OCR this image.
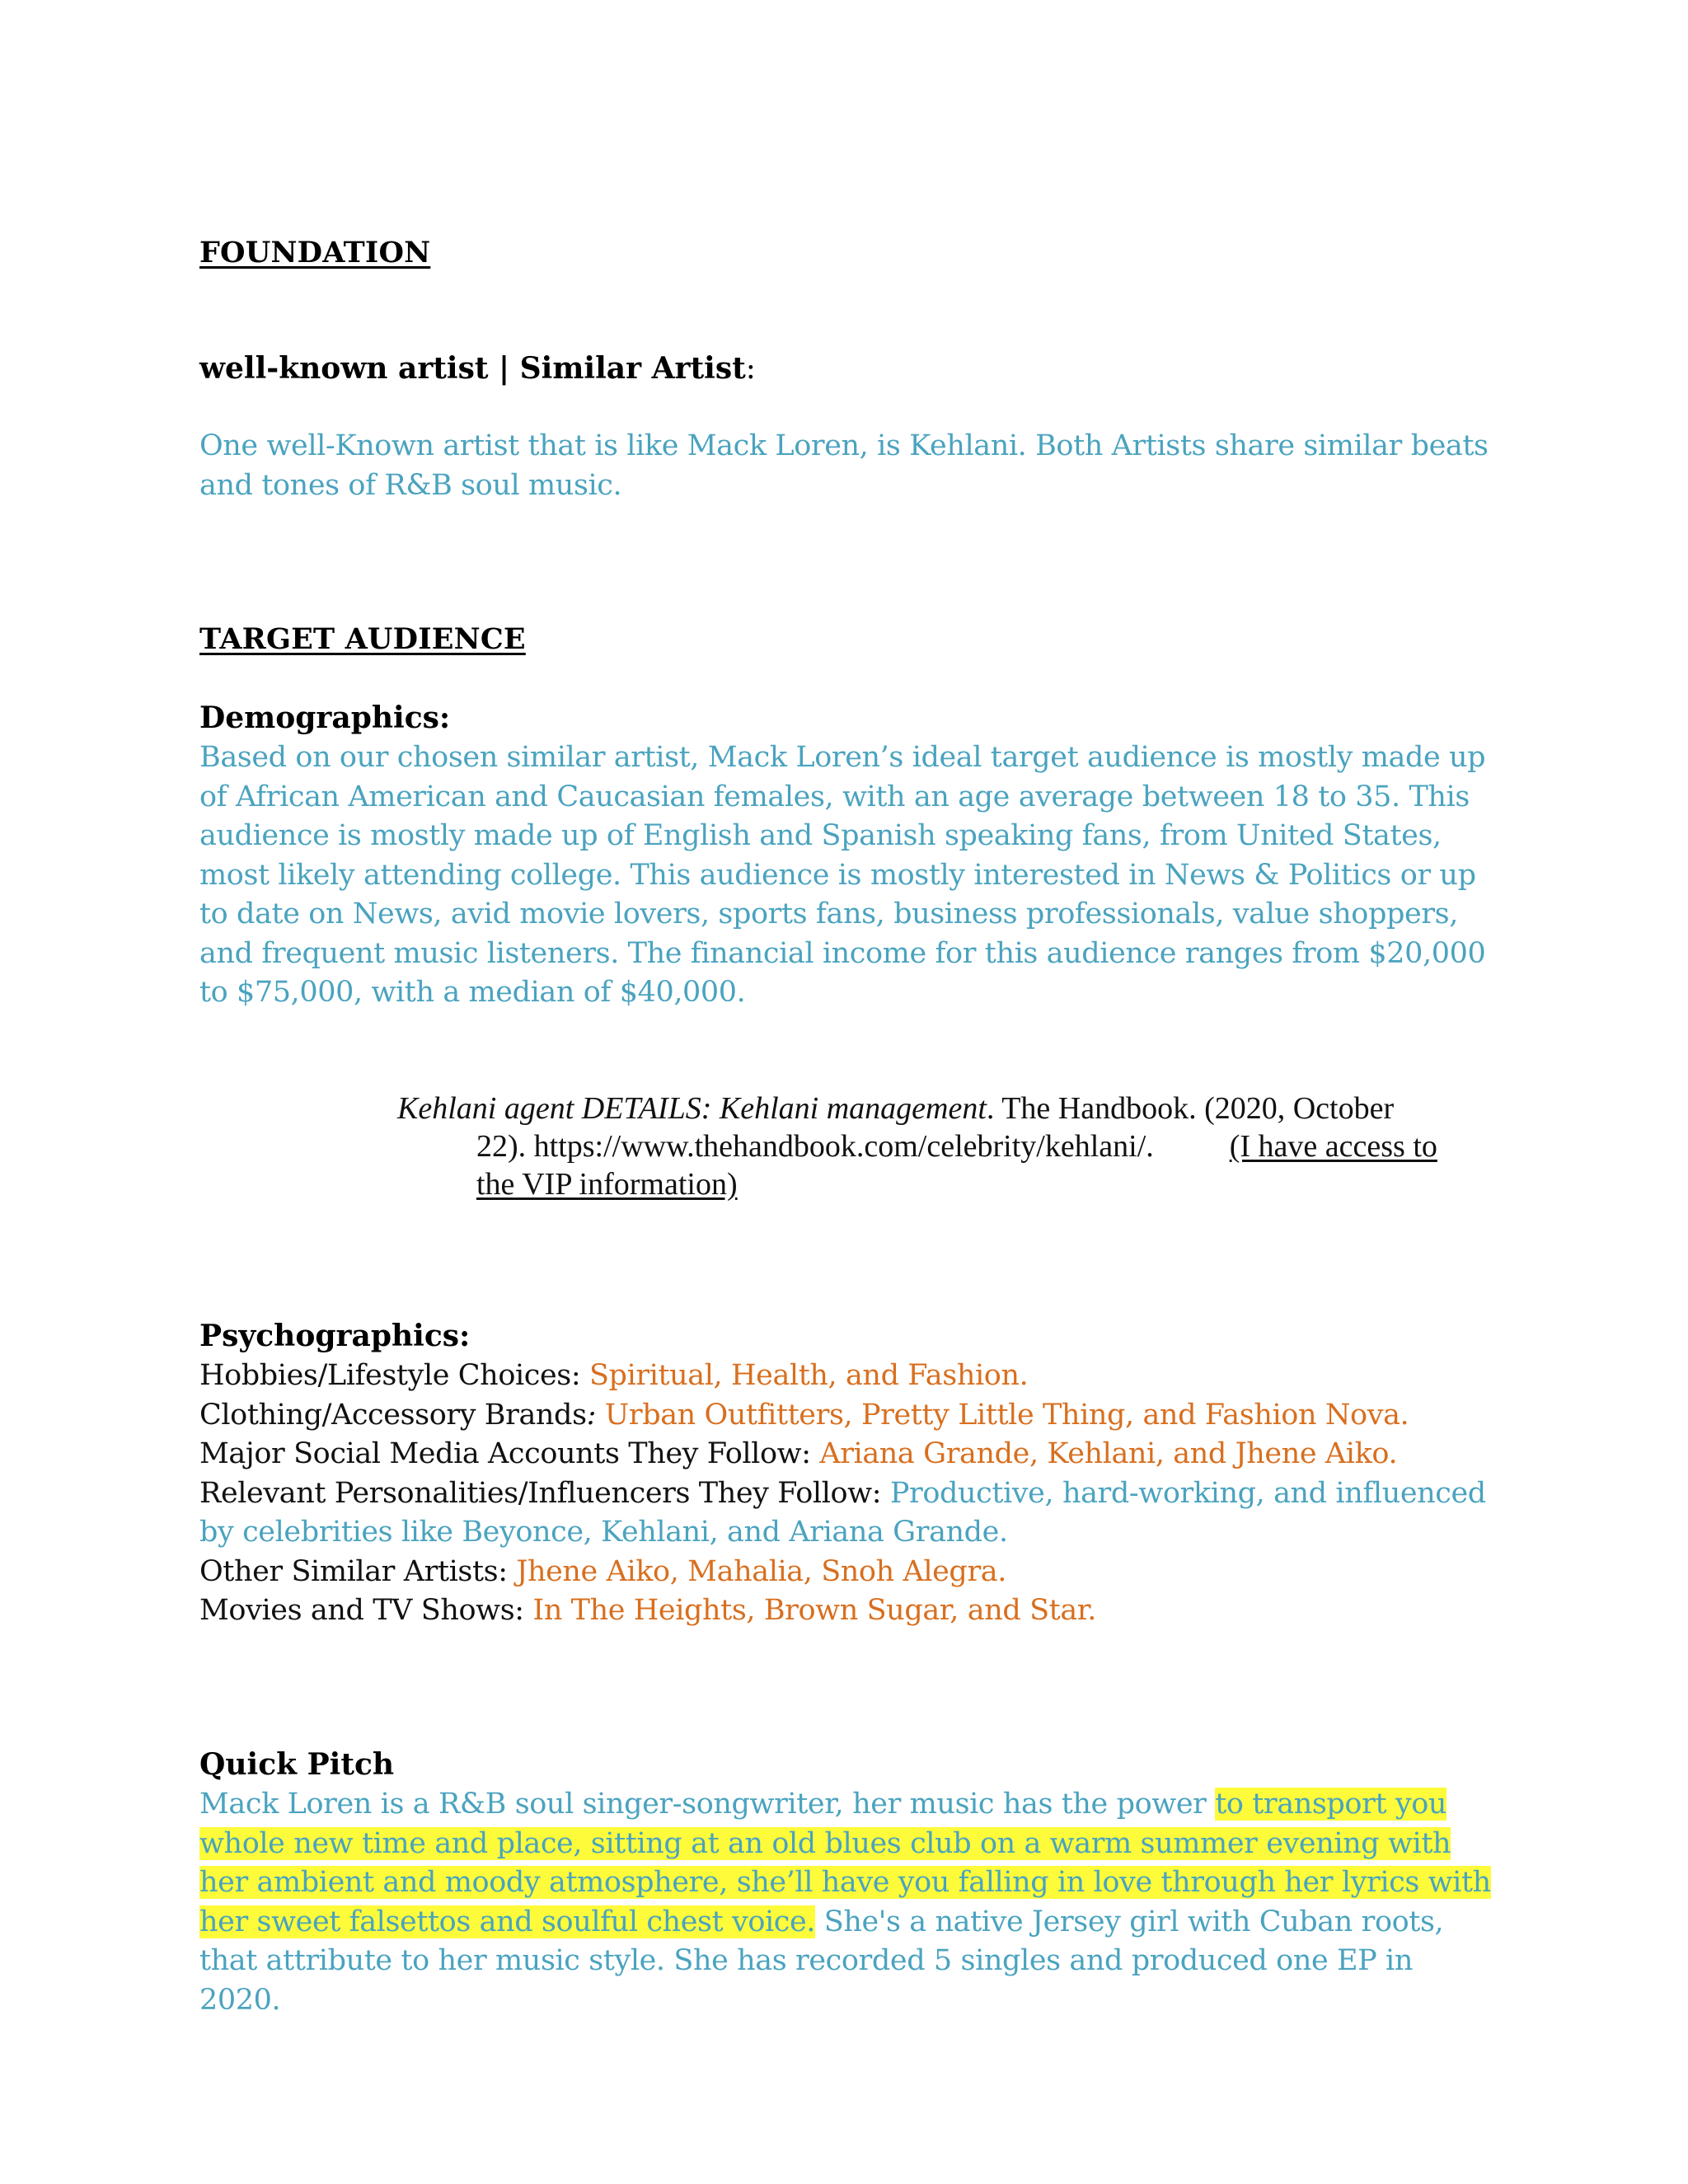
FOUNDATION
well-known artist | Similar Artist:
One well-Known artist that is like Mack Loren, is Kehlani. Both Artists share similar beats and tones of R&B soul music.
TARGET AUDIENCE
Demographics:
Based on our chosen similar artist, Mack Loren’s ideal target audience is mostly made up of African American and Caucasian females, with an age average between 18 to 35. This audience is mostly made up of English and Spanish speaking fans, from United States, most likely attending college. This audience is mostly interested in News & Politics or up to date on News, avid movie lovers, sports fans, business professionals, value shoppers, and frequent music listeners. The financial income for this audience ranges from $20,000 to $75,000, with a median of $40,000.
Kehlani agent DETAILS: Kehlani management. The Handbook. (2020, October
22). https://www.thehandbook.com/celebrity/kehlani/. (I have access to
the VIP information)
Psychographics:
Hobbies/Lifestyle Choices: Spiritual, Health, and Fashion.
Clothing/Accessory Brands: Urban Outfitters, Pretty Little Thing, and Fashion Nova.
Major Social Media Accounts They Follow: Ariana Grande, Kehlani, and Jhene Aiko.
Relevant Personalities/Influencers They Follow: Productive, hard-working, and influenced by celebrities like Beyonce, Kehlani, and Ariana Grande.
Other Similar Artists: Jhene Aiko, Mahalia, Snoh Alegra.
Movies and TV Shows: In The Heights, Brown Sugar, and Star.
Quick Pitch
Mack Loren is a R&B soul singer-songwriter, her music has the power to transport you whole new time and place, sitting at an old blues club on a warm summer evening with her ambient and moody atmosphere, she’ll have you falling in love through her lyrics with her sweet falsettos and soulful chest voice. She's a native Jersey girl with Cuban roots, that attribute to her music style. She has recorded 5 singles and produced one EP in 2020.
